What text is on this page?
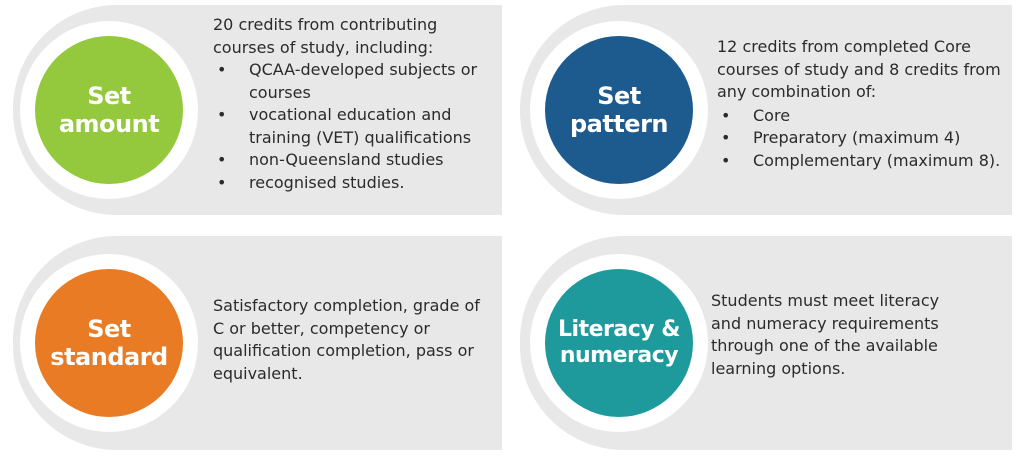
Set
amount

20 credits from contributing courses of study, including:

• QCAA-developed subjects or courses
• vocational education and training (VET) qualifications
• non-Queensland studies
• recognised studies.
Set
pattern

12 credits from completed Core courses of study and 8 credits from any combination of:

• Core
• Preparatory (maximum 4)
• Complementary (maximum 8).
Set
standard

Satisfactory completion, grade of C or better, competency or qualification completion, pass or equivalent.

Literacy &
numeracy

Students must meet literacy and numeracy requirements through one of the available learning options.
